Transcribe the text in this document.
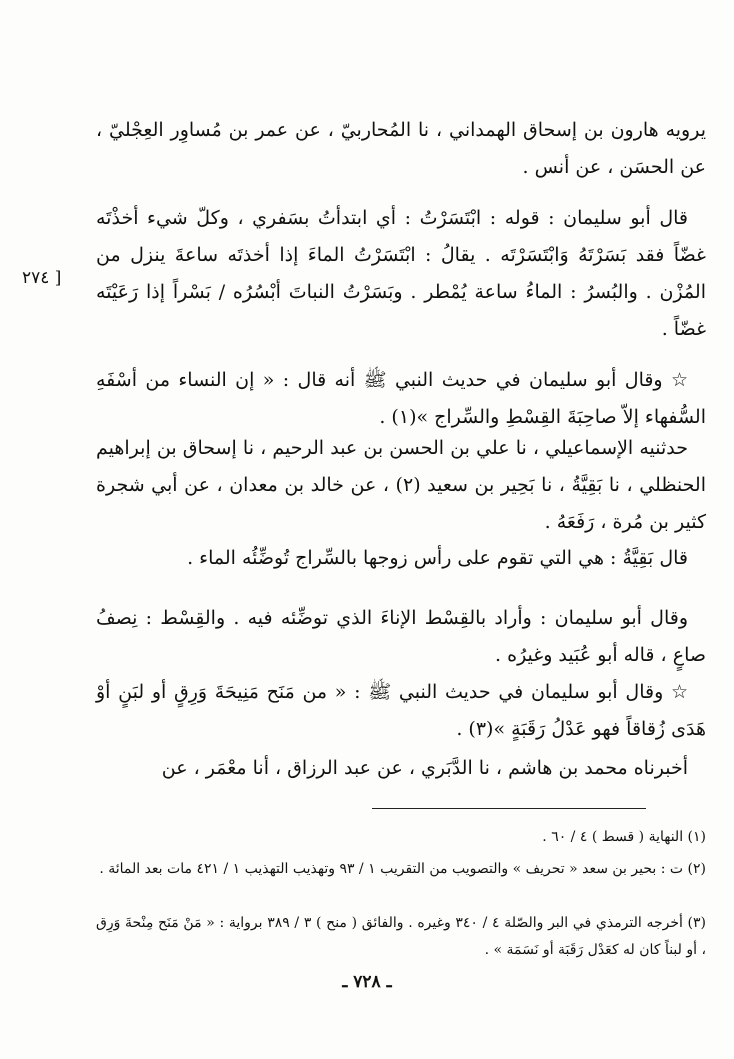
يرويه هارون بن إسحاق الهمداني ، نا المُحاربيّ ، عن عمر بن مُساوِر العِجْليّ ، عن الحسَن ، عن أنس .
قال أبو سليمان : قوله : ابْتَسَرْتُ : أي ابتدأتُ بسَفري ، وكلّ شيء أخذْتَه غضّاً فقد بَسَرْتَهُ وَابْتَسَرْتَه . يقالُ : ابْتَسَرْتُ الماءَ إذا أخذتَه ساعةَ ينزل من المُزْن . والبُسرُ : الماءُ ساعة يُمْطر . وبَسَرْتُ النباتَ أبْسُرُه / بَسْراً إذا رَعَيْتَه غضّاً .
[ ٢٧٤
☆ وقال أبو سليمان في حديث النبي ﷺ أنه قال : « إن النساء من أسْفَهِ السُّفهاء إلاّ صاحِبَةَ القِسْطِ والسِّراج »(١) .
حدثنيه الإسماعيلي ، نا علي بن الحسن بن عبد الرحيم ، نا إسحاق بن إبراهيم الحنظلي ، نا بَقِيَّةُ ، نا بَحِير بن سعيد (٢) ، عن خالد بن معدان ، عن أبي شجرة كثير بن مُرة ، رَفَعَهُ .
قال بَقِيَّةُ : هي التي تقوم على رأس زوجها بالسِّراج تُوضِّئُه الماء .
وقال أبو سليمان : وأراد بالقِسْط الإناءَ الذي توضِّئه فيه . والقِسْط : نِصفُ صاعٍ ، قاله أبو عُبَيد وغيرُه .
☆ وقال أبو سليمان في حديث النبي ﷺ : « من مَنَح مَنِيحَةَ وَرِقٍ أو لبَنٍ أوْ هَدَى زُقاقاً فهو عَدْلُ رَقَبَةٍ »(٣) .
أخبرناه محمد بن هاشم ، نا الدَّبَري ، عن عبد الرزاق ، أنا معْمَر ، عن
(١) النهاية ( قسط ) ٤ / ٦٠ .
(٢) ت : بحير بن سعد « تحريف » والتصويب من التقريب ١ / ٩٣ وتهذيب التهذيب ١ / ٤٢١ مات بعد المائة .
(٣) أخرجه الترمذي في البر والصّلة ٤ / ٣٤٠ وغيره . والفائق ( منح ) ٣ / ٣٨٩ برواية : « مَنْ مَنَح مِنْحةَ وَرِق ، أو لبناً كان له كعَدْل رَقَبَة أو نَسَمَة » .
ـ ٧٢٨ ـ
